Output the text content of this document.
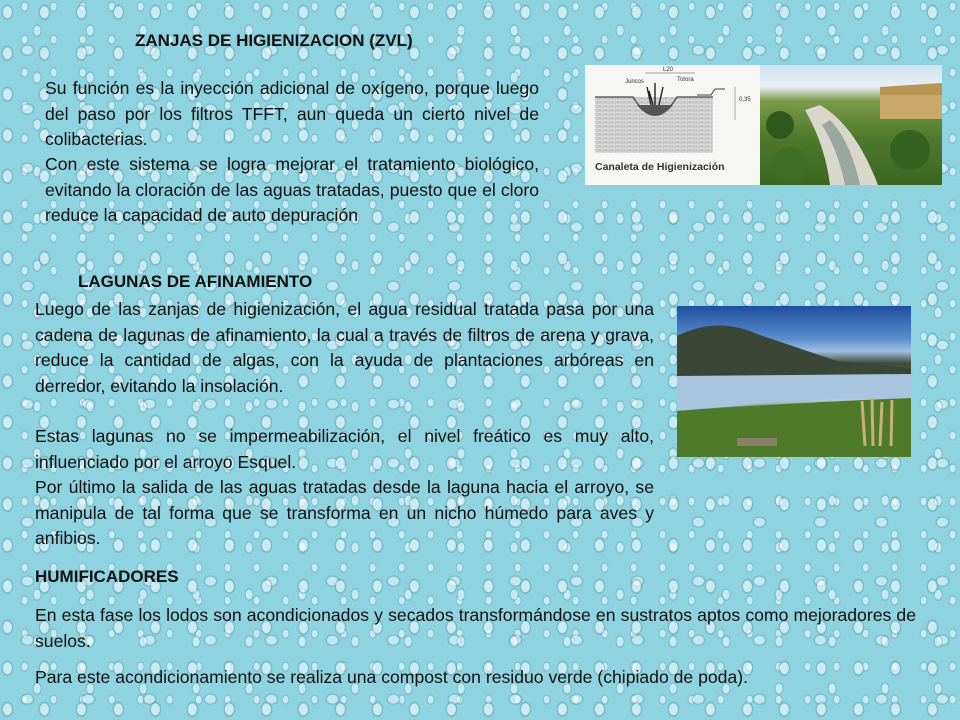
ZANJAS DE HIGIENIZACION (ZVL)

Su función es la inyección adicional de oxígeno, porque luego del paso por los filtros TFFT, aun queda un cierto nivel de colibacterias.

Con este sistema se logra mejorar el tratamiento biológico, evitando la cloración de las aguas tratadas, puesto que el cloro reduce la capacidad de auto depuración

L20
Juncos	Totora
0,35
Canaleta de Higienización
LAGUNAS DE AFINAMIENTO

Luego de las zanjas de higienización, el agua residual tratada pasa por una cadena de lagunas de afinamiento, la cual a través de filtros de arena y grava, reduce la cantidad de algas, con la ayuda de plantaciones arbóreas en derredor, evitando la insolación.

Estas lagunas no se impermeabilización, el nivel freático es muy alto, influenciado por el arroyo Esquel.

Por último la salida de las aguas tratadas desde la laguna hacia el arroyo, se manipula de tal forma que se transforma en un nicho húmedo para aves y anfibios.

HUMIFICADORES

En esta fase los lodos son acondicionados y secados transformándose en sustratos aptos como mejoradores de suelos.

Para este acondicionamiento se realiza una compost con residuo verde (chipiado de poda).
